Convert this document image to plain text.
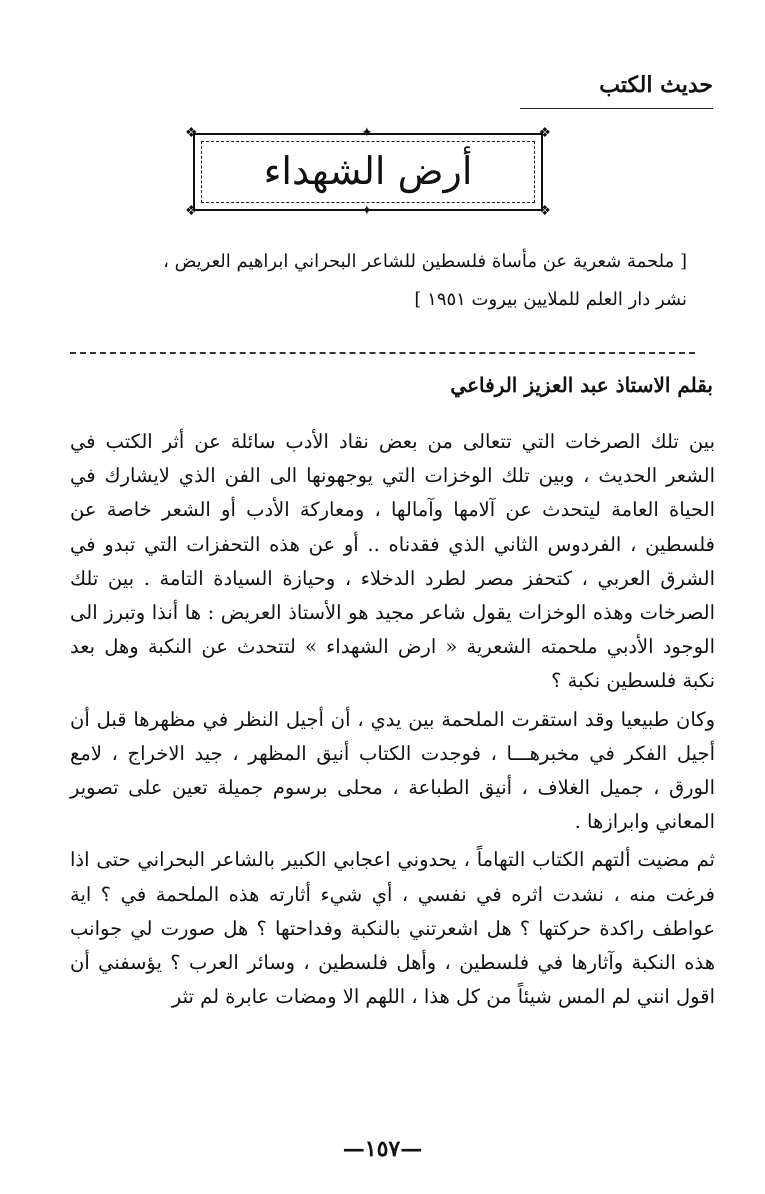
حديث الكتب
❖	❖
❖	❖
✦
✦
أرض الشهداء
[ ملحمة شعرية عن مأساة فلسطين للشاعر البحراني ابراهيم العريض ، نشر دار العلم للملايين بيروت ١٩٥١ ]
بقلم الاستاذ عبد العزيز الرفاعي

بين تلك الصرخات التي تتعالى من بعض نقاد الأدب سائلة عن أثر الكتب في الشعر الحديث ، وبين تلك الوخزات التي يوجهونها الى الفن الذي لايشارك في الحياة العامة ليتحدث عن آلامها وآمالها ، ومعاركة الأدب أو الشعر خاصة عن فلسطين ، الفردوس الثاني الذي فقدناه .. أو عن هذه التحفزات التي تبدو في الشرق العربي ، كتحفز مصر لطرد الدخلاء ، وحيازة السيادة التامة . بين تلك الصرخات وهذه الوخزات يقول شاعر مجيد هو الأستاذ العريض : ها أنذا وتبرز الى الوجود الأدبي ملحمته الشعرية « ارض الشهداء » لتتحدث عن النكبة وهل بعد نكبة فلسطين نكبة ؟

وكان طبيعيا وقد استقرت الملحمة بين يدي ، أن أجيل النظر في مظهرها قبل أن أجيل الفكر في مخبرهـــا ، فوجدت الكتاب أنيق المظهر ، جيد الاخراج ، لامع الورق ، جميل الغلاف ، أنيق الطباعة ، محلى برسوم جميلة تعين على تصوير المعاني وابرازها .

ثم مضيت ألتهم الكتاب التهاماً ، يحدوني اعجابي الكبير بالشاعر البحراني حتى اذا فرغت منه ، نشدت اثره في نفسي ، أي شيء أثارته هذه الملحمة في ؟ اية عواطف راكدة حركتها ؟ هل اشعرتني بالنكبة وفداحتها ؟ هل صورت لي جوانب هذه النكبة وآثارها في فلسطين ، وأهل فلسطين ، وسائر العرب ؟ يؤسفني أن اقول انني لم المس شيئاً من كل هذا ، اللهم الا ومضات عابرة لم تثر

—١٥٧—
